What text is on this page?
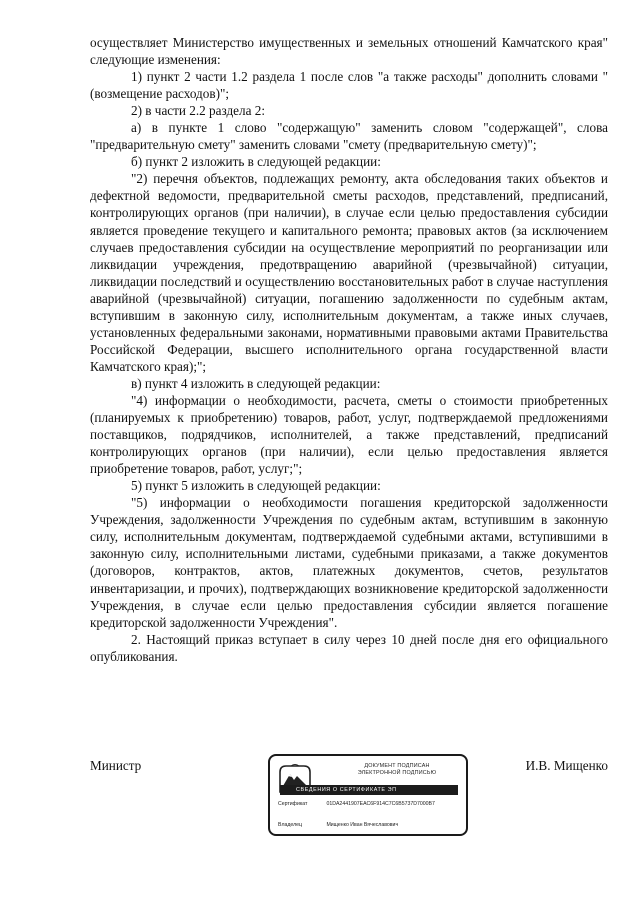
осуществляет Министерство имущественных и земельных отношений Камчатского края" следующие изменения:

1) пункт 2 части 1.2 раздела 1 после слов "а также расходы" дополнить словами "(возмещение расходов)";

2) в части 2.2 раздела 2:

а) в пункте 1 слово "содержащую" заменить словом "содержащей", слова "предварительную смету" заменить словами "смету (предварительную смету)";

б) пункт 2 изложить в следующей редакции:

"2) перечня объектов, подлежащих ремонту, акта обследования таких объектов и дефектной ведомости, предварительной сметы расходов, представлений, предписаний, контролирующих органов (при наличии), в случае если целью предоставления субсидии является проведение текущего и капитального ремонта; правовых актов (за исключением случаев предоставления субсидии на осуществление мероприятий по реорганизации или ликвидации учреждения, предотвращению аварийной (чрезвычайной) ситуации, ликвидации последствий и осуществлению восстановительных работ в случае наступления аварийной (чрезвычайной) ситуации, погашению задолженности по судебным актам, вступившим в законную силу, исполнительным документам, а также иных случаев, установленных федеральными законами, нормативными правовыми актами Правительства Российской Федерации, высшего исполнительного органа государственной власти Камчатского края);";

в) пункт 4 изложить в следующей редакции:

"4) информации о необходимости, расчета, сметы о стоимости приобретенных (планируемых к приобретению) товаров, работ, услуг, подтверждаемой предложениями поставщиков, подрядчиков, исполнителей, а также представлений, предписаний контролирующих органов (при наличии), если целью предоставления является приобретение товаров, работ, услуг;";

5) пункт 5 изложить в следующей редакции:

"5) информации о необходимости погашения кредиторской задолженности Учреждения, задолженности Учреждения по судебным актам, вступившим в законную силу, исполнительным документам, подтверждаемой судебными актами, вступившими в законную силу, исполнительными листами, судебными приказами, а также документов (договоров, контрактов, актов, платежных документов, счетов, результатов инвентаризации, и прочих), подтверждающих возникновение кредиторской задолженности Учреждения, в случае если целью предоставления субсидии является погашение кредиторской задолженности Учреждения".

2. Настоящий приказ вступает в силу через 10 дней после дня его официального опубликования.

Министр	И.В. Мищенко
ДОКУМЕНТ ПОДПИСАН
ЭЛЕКТРОННОЙ ПОДПИСЬЮ
СВЕДЕНИЯ О СЕРТИФИКАТЕ ЭП
Сертификат	01DA2441907EAC6F914C7C6B5737D7000B7
Владелец	Мищенко Иван Вячеславович
